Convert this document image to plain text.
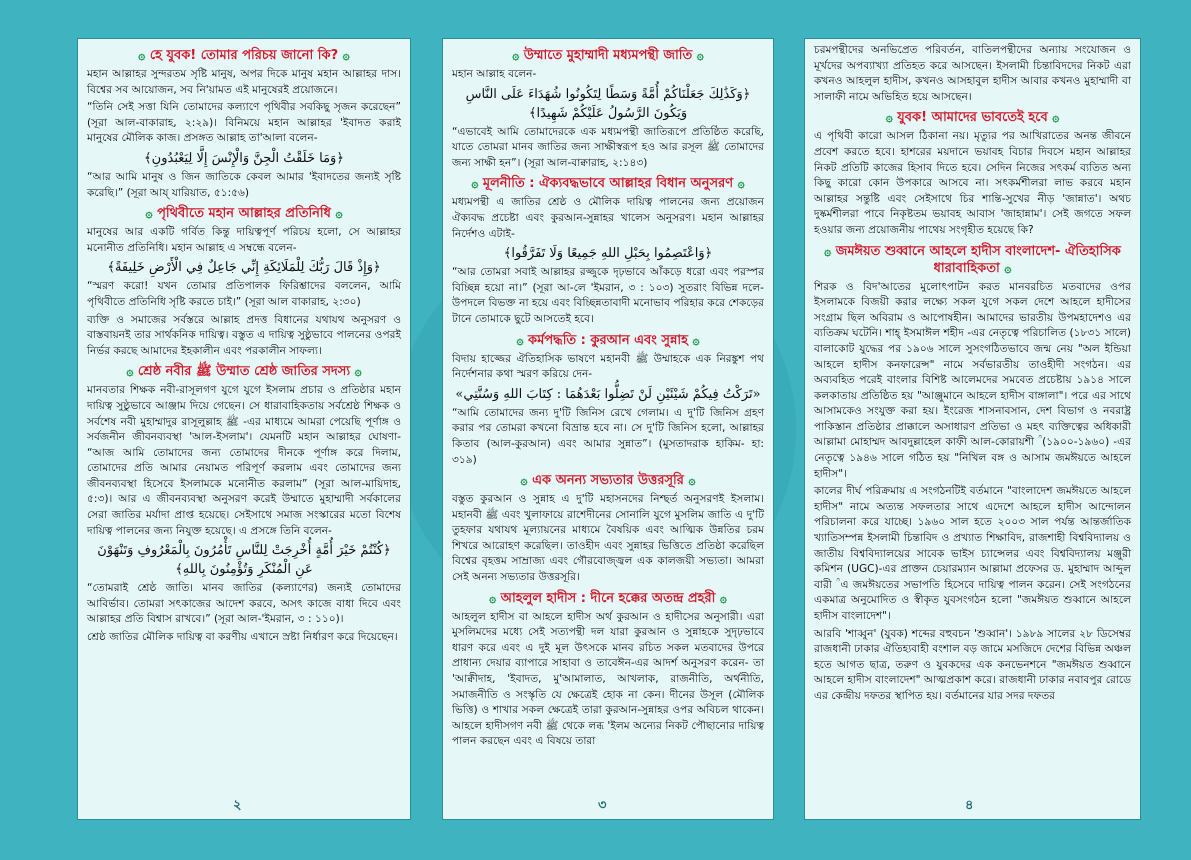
۞ হে যুবক! তোমার পরিচয় জানো কি? ۞

মহান আল্লাহর সুন্দরতম সৃষ্টি মানুষ, অপর দিকে মানুষ মহান আল্লাহর দাস। বিশ্বের সব আয়োজন, সব নি'য়ামত এই মানুষেরই প্রয়োজনে।

“তিনি সেই সত্তা যিনি তোমাদের কল্যাণে পৃথিবীর সবকিছু সৃজন করেছেন” (সূরা আল-বাকারাহ, ২:২৯)। বিনিময়ে মহান আল্লাহর 'ইবাদত করাই মানুষের মৌলিক কাজ। প্রসঙ্গত আল্লাহ তা'আলা বলেন-

﴿وَمَا خَلَقْتُ الْجِنَّ وَالْإِنْسَ إِلَّا لِيَعْبُدُونِ﴾

“আর আমি মানুষ ও জিন জাতিকে কেবল আমার 'ইবাদতের জন্যই সৃষ্টি করেছি।” (সূরা আয্‌ যারিয়াত, ৫১:৫৬)

۞ পৃথিবীতে মহান আল্লাহর প্রতিনিধি ۞

মানুষের আর একটি গর্বিত কিন্তু দায়িত্বপূর্ণ পরিচয় হলো, সে আল্লাহর মনোনীত প্রতিনিধি। মহান আল্লাহ এ সম্বন্ধে বলেন-

﴿وَإِذْ قَالَ رَبُّكَ لِلْمَلَائِكَةِ إِنِّي جَاعِلٌ فِي الْأَرْضِ خَلِيفَةً﴾

“স্মরণ করো! যখন তোমার প্রতিপালক ফিরিশ্তাদের বললেন, আমি পৃথিবীতে প্রতিনিধি সৃষ্টি করতে চাই।” (সূরা আল বাকারাহ, ২:৩০)

ব্যক্তি ও সমাজের সর্বস্তরে আল্লাহ প্রদত্ত বিধানের যথাযথ অনুসরণ ও বাস্তবায়নই তার সার্থকনিক দায়িত্ব। বস্তুত এ দায়িত্ব সুষ্ঠুভাবে পালনের ওপরই নির্ভর করছে আমাদের ইহকালীন এবং পরকালীন সাফল্য।

۞ শ্রেষ্ঠ নবীর ﷺ উম্মাত শ্রেষ্ঠ জাতির সদস্য ۞

মানবতার শিক্ষক নবী-রাসূলগণ যুগে যুগে ইসলাম প্রচার ও প্রতিষ্ঠার মহান দায়িত্ব সুষ্ঠুভাবে আঞ্জাম দিয়ে গেছেন। সে ধারাবাহিকতায় সর্বশ্রেষ্ঠ শিক্ষক ও সর্বশেষ নবী মুহাম্মাদুর রাসূলুল্লাহ ﷺ -এর মাধ্যমে আমরা পেয়েছি পূর্ণাঙ্গ ও সর্বজনীন জীবনব্যবস্থা 'আল-ইসলাম'। যেমনটি মহান আল্লাহর ঘোষণা- “আজ আমি তোমাদের জন্য তোমাদের দীনকে পূর্ণাঙ্গ করে দিলাম, তোমাদের প্রতি আমার নেয়ামত পরিপূর্ণ করলাম এবং তোমাদের জন্য জীবনব্যবস্থা হিসেবে ইসলামকে মনোনীত করলাম” (সূরা আল-মায়িদাহ, ৫:৩)। আর এ জীবনব্যবস্থা অনুসরণ করেই উম্মাতে মুহাম্মাদী সর্বকালের সেরা জাতির মর্যাদা প্রাপ্ত হয়েছে। সেইসাথে সমাজ সংস্কারের মতো বিশেষ দায়িত্ব পালনের জন্য নিযুক্ত হয়েছে। এ প্রসঙ্গে তিনি বলেন-

﴿كُنْتُمْ خَيْرَ أُمَّةٍ أُخْرِجَتْ لِلنَّاسِ تَأْمُرُونَ بِالْمَعْرُوفِ وَتَنْهَوْنَ عَنِ الْمُنْكَرِ وَتُؤْمِنُونَ بِاللهِ﴾

“তোমরাই শ্রেষ্ঠ জাতি। মানব জাতির (কল্যাণের) জন্যই তোমাদের আবির্ভাব। তোমরা সৎকাজের আদেশ করবে, অসৎ কাজে বাধা দিবে এবং আল্লাহর প্রতি বিশ্বাস রাখবে।” (সূরা আল-'ইমরান, ৩ : ১১০)।

শ্রেষ্ঠ জাতির মৌলিক দায়িত্ব বা করণীয় এখানে স্রষ্টা নির্ধারণ করে দিয়েছেন।

২
۞ উম্মাতে মুহাম্মাদী মধ্যমপন্থী জাতি ۞

মহান আল্লাহ বলেন-

﴿وَكَذَٰلِكَ جَعَلْنَاكُمْ أُمَّةً وَسَطًا لِتَكُونُوا شُهَدَاءَ عَلَى النَّاسِ وَيَكُونَ الرَّسُولُ عَلَيْكُمْ شَهِيدًا﴾

“এভাবেই আমি তোমাদেরকে এক মধ্যমপন্থী জাতিরূপে প্রতিষ্ঠিত করেছি, যাতে তোমরা মানব জাতির জন্য সাক্ষীস্বরূপ হও আর রসূল ﷺ তোমাদের জন্য সাক্ষী হন”। (সূরা আল-বাক্বারাহ, ২:১৪৩)

۞ মূলনীতি : ঐক্যবদ্ধভাবে আল্লাহর বিধান অনুসরণ ۞

মধ্যমপন্থী এ জাতির শ্রেষ্ঠ ও মৌলিক দায়িত্ব পালনের জন্য প্রয়োজন ঐক্যবদ্ধ প্রচেষ্টা এবং কুরআন-সুন্নাহর খালেস অনুসরণ। মহান আল্লাহর নির্দেশও এটাই-

﴿وَاعْتَصِمُوا بِحَبْلِ اللهِ جَمِيعًا وَلَا تَفَرَّقُوا﴾

“আর তোমরা সবাই আল্লাহর রজ্জুকে দৃঢ়ভাবে আঁকড়ে ধরো এবং পরস্পর বিচ্ছিন্ন হয়ো না।” (সূরা আ-লে 'ইমরান, ৩ : ১০৩) সুতরাং বিভিন্ন দলে-উপদলে বিভক্ত না হয়ে এবং বিচ্ছিন্নতাবাদী মনোভাব পরিহার করে শেকড়ের টানে তোমাকে ছুটে আসতেই হবে।

۞ কর্মপদ্ধতি : কুরআন এবং সুন্নাহ ۞

বিদায় হাজ্জের ঐতিহাসিক ভাষণে মহানবী ﷺ উম্মাহকে এক নিরঙ্কুশ পথ নির্দেশনার কথা স্মরণ করিয়ে দেন-

«تَرَكْتُ فِيكُمْ شَيْئَيْنِ لَنْ تَضِلُّوا بَعْدَهُمَا : كِتَابَ اللهِ وَسُنَّتِي»

“আমি তোমাদের জন্য দু'টি জিনিস রেখে গেলাম। এ দু'টি জিনিস গ্রহণ করার পর তোমরা কখনো বিভ্রান্ত হবে না। সে দু'টি জিনিস হলো, আল্লাহর কিতাব (আল-কুরআন) এবং আমার সুন্নাত”। (মুসতাদরাক হাকিম- হা: ৩১৯)

۞ এক অনন্য সভ্যতার উত্তরসূরি ۞

বস্তুত কুরআন ও সুন্নাহ এ দু'টি মহাসনদের নিশ্ছর্ত অনুসরণই ইসলাম। মহানবী ﷺ এবং খুলাফায়ে রাশেদীনের সোনালি যুগে মুসলিম জাতি এ দু'টি তুহফার যথাযথ মূল্যায়নের মাধ্যমে বৈষয়িক এবং আত্মিক উন্নতির চরম শিখরে আরোহণ করেছিল। তাওহীদ এবং সুন্নাহর ভিত্তিতে প্রতিষ্ঠা করেছিল বিশ্বের বৃহত্তম সাম্রাজ্য এবং গৌরবোজ্জ্বল এক কালজয়ী সভ্যতা। আমরা সেই অনন্য সভ্যতার উত্তরসূরি।

۞ আহলুল হাদীস : দীনে হক্কের অতন্দ্র প্রহরী ۞

আহলুল হাদীস বা আহলে হাদীস অর্থ কুরআন ও হাদীসের অনুসারী। এরা মুসলিমদের মধ্যে সেই সত্যপন্থী দল যারা কুরআন ও সুন্নাহকে সুদৃঢ়ভাবে ধারণ করে এবং এ দুই মূল উৎসকে মানব রচিত সকল মতবাদের উপরে প্রাধান্য দেয়ার ব্যাপারে সাহাবা ও তাবেঈন-এর আদর্শ অনুসরণ করেন- তা 'আক্বীদাহ, 'ইবাদত, মু'আমালাত, আখলাক, রাজনীতি, অর্থনীতি, সমাজনীতি ও সংস্কৃতি যে ক্ষেত্রেই হোক না কেন। দীনের উসূল (মৌলিক ভিত্তি) ও শাখার সকল ক্ষেত্রেই তারা কুরআন-সুন্নাহর ওপর অবিচল থাকেন। আহলে হাদীসগণ নবী ﷺ থেকে লব্ধ 'ইলম অন্যের নিকট পৌছানোর দায়িত্ব পালন করছেন এবং এ বিষয়ে তারা

৩

চরমপন্থীদের অনভিপ্রেত পরিবর্তন, বাতিলপন্থীদের অন্যায় সংযোজন ও মূর্খদের অপব্যাখ্যা প্রতিহত করে আসছেন। ইসলামী চিন্তাবিদদের নিকট এরা কখনও আহলুল হাদীস, কখনও আসহাবুল হাদীস আবার কখনও মুহাম্মাদী বা সালাফী নামে অভিহিত হয়ে আসছেন।

۞ যুবক! আমাদের ভাবতেই হবে ۞

এ পৃথিবী কারো আসল ঠিকানা নয়। মৃত্যুর পর আখিরাতের অনন্ত জীবনে প্রবেশ করতে হবে। হাশরের ময়দানে ভয়াবহ বিচার দিবসে মহান আল্লাহর নিকট প্রতিটি কাজের হিসাব দিতে হবে। সেদিন নিজের সৎকর্ম ব্যতিত অন্য কিছু কারো কোন উপকারে আসবে না। সৎকর্মশীলরা লাভ করবে মহান আল্লাহর সন্তুষ্টি এবং সেইসাথে চির শান্তি-সুখের নীড় 'জান্নাত'। অথচ দুষ্কর্মশীলরা পাবে নিকৃষ্টতম ভয়াবহ আবাস 'জাহান্নাম'। সেই জগতে সফল হওয়ার জন্য প্রয়োজনীয় পাথেয় সংগৃহীত হয়েছে কি?

۞ জমঈয়ত শুব্বানে আহলে হাদীস বাংলাদেশ- ঐতিহাসিক ধারাবাহিকতা ۞

শিরক ও বিদ'আতের মুলোৎপাটন করত মানবরচিত মতবাদের ওপর ইসলামকে বিজয়ী করার লক্ষ্যে সকল যুগে সকল দেশে আহলে হাদীসের সংগ্রাম ছিল অবিরাম ও আপোষহীন। আমাদের ভারতীয় উপমহাদেশও এর ব্যতিক্রম ঘটেনি। শাহ্ ইসমাঈল শহীদ -এর নেতৃত্বে পরিচালিত (১৮৩১ সালে) বালাকোট যুদ্ধের পর ১৯০৬ সালে সুসংগঠিতভাবে জন্ম নেয় "অল ইন্ডিয়া আহলে হাদীস কনফারেন্স" নামে সর্বভারতীয় তাওহীদী সংগঠন। এর অব্যবহিত পরেই বাংলার বিশিষ্ট আলেমদের সমবেত প্রচেষ্টায় ১৯১৪ সালে কলকাতায় প্রতিষ্ঠিত হয় "আঞ্জুমানে আহলে হাদীস বাঙ্গালা"। পরে এর সাথে আসামকেও সংযুক্ত করা হয়। ইংরেজ শাসনাবসান, দেশ বিভাগ ও নবরাষ্ট্র পাকিস্তান প্রতিষ্ঠার প্রাক্কালে অসাধারণ প্রতিভা ও মহৎ ব্যক্তিত্বের অধিকারী আল্লামা মোহাম্মদ আবদুল্লাহেল কাফী আল-কোরায়শী ؒ (১৯০০-১৯৬০) -এর নেতৃত্বে ১৯৪৬ সালে গঠিত হয় "নিখিল বঙ্গ ও আসাম জমঈয়তে আহলে হাদীস"।

কালের দীর্ঘ পরিক্রমায় এ সংগঠনটিই বর্তমানে "বাংলাদেশ জমঈয়তে আহলে হাদীস" নামে অত্যন্ত সফলতার সাথে এদেশে আহলে হাদীস আন্দোলন পরিচালনা করে যাচ্ছে। ১৯৬০ সাল হতে ২০০৩ সাল পর্যন্ত আন্তর্জাতিক খ্যাতিসম্পন্ন ইসলামী চিন্তাবিদ ও প্রখ্যাত শিক্ষাবিদ, রাজশাহী বিশ্ববিদ্যালয় ও জাতীয় বিশ্ববিদ্যালয়ের সাবেক ভাইস চ্যান্সেলর এবং বিশ্ববিদ্যালয় মঞ্জুরী কমিশন (UGC)-এর প্রাক্তন চেয়ারম্যান আল্লামা প্রফেসর ড. মুহাম্মাদ আব্দুল বারী ؒ এ জমঈয়তের সভাপতি হিসেবে দায়িত্ব পালন করেন। সেই সংগঠনের একমাত্র অনুমোদিত ও স্বীকৃত যুবসংগঠন হলো "জমঈয়ত শুব্বানে আহলে হাদীস বাংলাদেশ"।

আরবি 'শাব্বুন' (যুবক) শব্দের বহুবচন 'শুব্বান'। ১৯৮৯ সালের ২৮ ডিসেম্বর রাজধানী ঢাকার ঐতিহ্যবাহী বংশাল বড় জামে মসজিদে দেশের বিভিন্ন অঞ্চল হতে আগত ছাত্র, তরুণ ও যুবকদের এক কনভেনশনে "জমঈয়ত শুব্বানে আহলে হাদীস বাংলাদেশ" আত্মপ্রকাশ করে। রাজধানী ঢাকার নবাবপুর রোডে এর কেন্দ্রীয় দফতর স্থাপিত হয়। বর্তমানের যার সদর দফতর

৪
